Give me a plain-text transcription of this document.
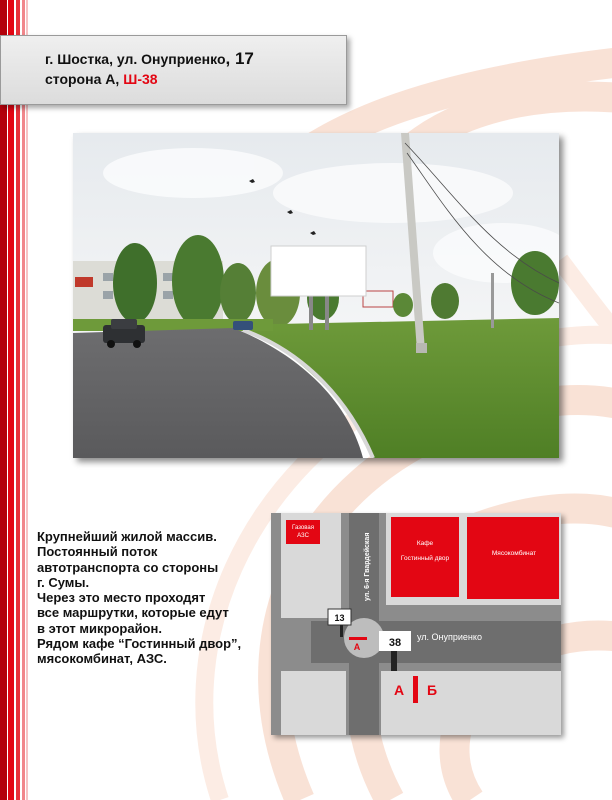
г. Шостка, ул. Онуприенко, 17
сторона А, Ш-38
Крупнейший жилой массив.
Постоянный поток
автотранспорта со стороны
г. Сумы.
Через это место проходят
все маршрутки, которые едут
в этот микрорайон.
Рядом кафе “Гостинный двор”,
мясокомбинат, АЗС.
Газовая
АЗС
Кафе
Гостинный двор
Мясокомбинат
ул. 6-я Гвардейская
ул. Онуприенко
13
А	38
А Б
